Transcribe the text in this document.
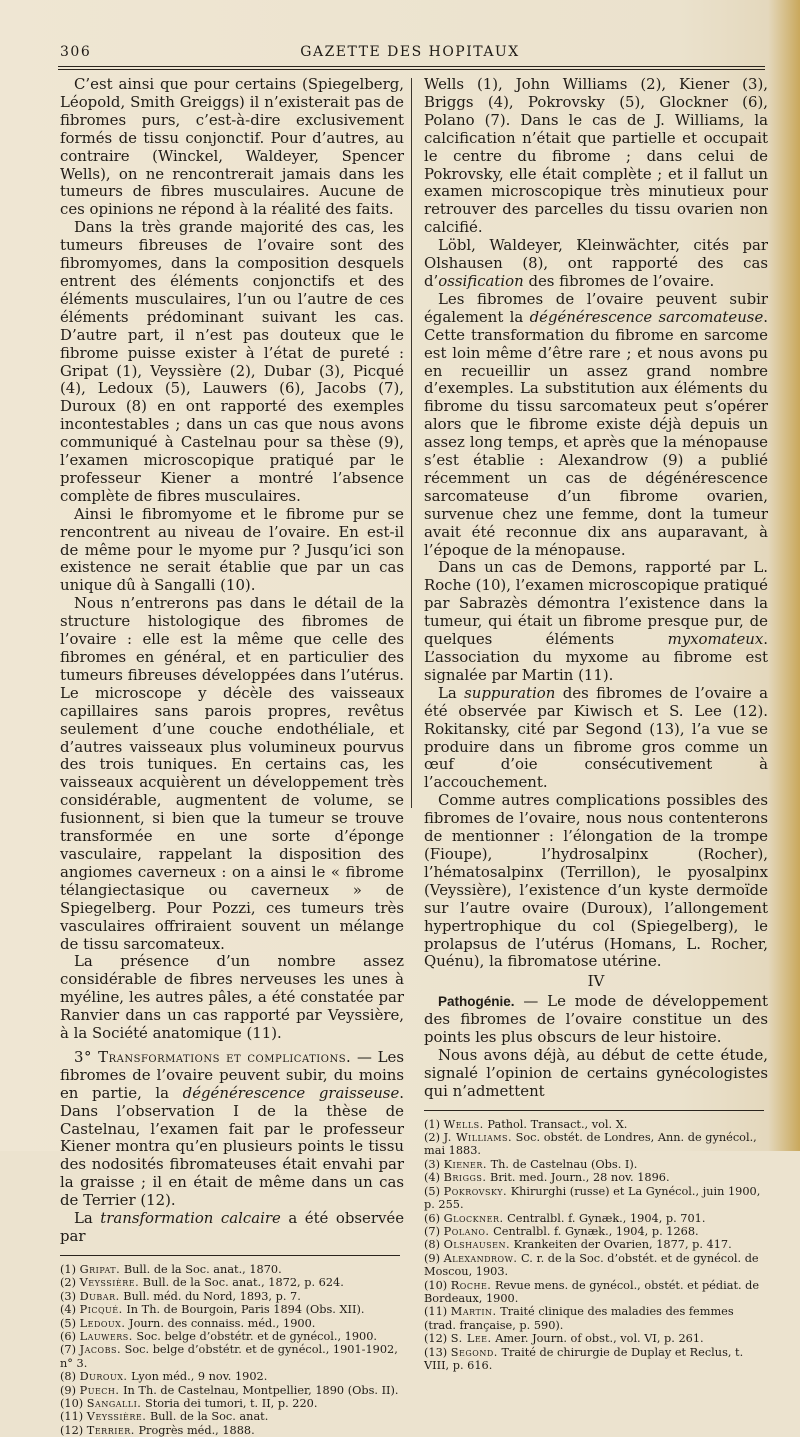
306	GAZETTE DES HOPITAUX

C’est ainsi que pour certains (Spiegelberg, Léopold, Smith Greiggs) il n’existerait pas de fibromes purs, c’est-à-dire exclusivement formés de tissu conjonctif. Pour d’autres, au contraire (Winckel, Waldeyer, Spencer Wells), on ne rencontrerait jamais dans les tumeurs de fibres musculaires. Aucune de ces opinions ne répond à la réalité des faits.

Dans la très grande majorité des cas, les tumeurs fibreuses de l’ovaire sont des fibromyomes, dans la composition desquels entrent des éléments conjonctifs et des éléments musculaires, l’un ou l’autre de ces éléments prédominant suivant les cas. D’autre part, il n’est pas douteux que le fibrome puisse exister à l’état de pureté : Gripat (1), Veyssière (2), Dubar (3), Picqué (4), Ledoux (5), Lauwers (6), Jacobs (7), Duroux (8) en ont rapporté des exemples incontestables ; dans un cas que nous avons communiqué à Castelnau pour sa thèse (9), l’examen microscopique pratiqué par le professeur Kiener a montré l’absence complète de fibres musculaires.

Ainsi le fibromyome et le fibrome pur se rencontrent au niveau de l’ovaire. En est-il de même pour le myome pur ? Jusqu’ici son existence ne serait établie que par un cas unique dû à Sangalli (10).

Nous n’entrerons pas dans le détail de la structure histologique des fibromes de l’ovaire : elle est la même que celle des fibromes en général, et en particulier des tumeurs fibreuses développées dans l’utérus. Le microscope y décèle des vaisseaux capillaires sans parois propres, revêtus seulement d’une couche endothéliale, et d’autres vaisseaux plus volumineux pourvus des trois tuniques. En certains cas, les vaisseaux acquièrent un développement très considérable, augmentent de volume, se fusionnent, si bien que la tumeur se trouve transformée en une sorte d’éponge vasculaire, rappelant la disposition des angiomes caverneux : on a ainsi le « fibrome télangiectasique ou caverneux » de Spiegelberg. Pour Pozzi, ces tumeurs très vasculaires offriraient souvent un mélange de tissu sarcomateux.

La présence d’un nombre assez considérable de fibres nerveuses les unes à myéline, les autres pâles, a été constatée par Ranvier dans un cas rapporté par Veyssière, à la Société anatomique (11).

3° Transformations et complications. — Les fibromes de l’ovaire peuvent subir, du moins en partie, la dégénérescence graisseuse. Dans l’observation I de la thèse de Castelnau, l’examen fait par le professeur Kiener montra qu’en plusieurs points le tissu des nodosités fibromateuses était envahi par la graisse ; il en était de même dans un cas de Terrier (12).

La transformation calcaire a été observée par

(1) Gripat. Bull. de la Soc. anat., 1870.
(2) Veyssière. Bull. de la Soc. anat., 1872, p. 624.
(3) Dubar. Bull. méd. du Nord, 1893, p. 7.
(4) Picqué. In Th. de Bourgoin, Paris 1894 (Obs. XII).
(5) Ledoux. Journ. des connaiss. méd., 1900.
(6) Lauwers. Soc. belge d’obstétr. et de gynécol., 1900.
(7) Jacobs. Soc. belge d’obstétr. et de gynécol., 1901-1902, n° 3.
(8) Duroux. Lyon méd., 9 nov. 1902.
(9) Puech. In Th. de Castelnau, Montpellier, 1890 (Obs. II).
(10) Sangalli. Storia dei tumori, t. II, p. 220.
(11) Veyssière. Bull. de la Soc. anat.
(12) Terrier. Progrès méd., 1888.

Wells (1), John Williams (2), Kiener (3), Briggs (4), Pokrovsky (5), Glockner (6), Polano (7). Dans le cas de J. Williams, la calcification n’était que partielle et occupait le centre du fibrome ; dans celui de Pokrovsky, elle était complète ; et il fallut un examen microscopique très minutieux pour retrouver des parcelles du tissu ovarien non calcifié.

Löbl, Waldeyer, Kleinwächter, cités par Olshausen (8), ont rapporté des cas d’ossification des fibromes de l’ovaire.

Les fibromes de l’ovaire peuvent subir également la dégénérescence sarcomateuse. Cette transformation du fibrome en sarcome est loin même d’être rare ; et nous avons pu en recueillir un assez grand nombre d’exemples. La substitution aux éléments du fibrome du tissu sarcomateux peut s’opérer alors que le fibrome existe déjà depuis un assez long temps, et après que la ménopause s’est établie : Alexandrow (9) a publié récemment un cas de dégénérescence sarcomateuse d’un fibrome ovarien, survenue chez une femme, dont la tumeur avait été reconnue dix ans auparavant, à l’époque de la ménopause.

Dans un cas de Demons, rapporté par L. Roche (10), l’examen microscopique pratiqué par Sabrazès démontra l’existence dans la tumeur, qui était un fibrome presque pur, de quelques éléments myxomateux. L’association du myxome au fibrome est signalée par Martin (11).

La suppuration des fibromes de l’ovaire a été observée par Kiwisch et S. Lee (12). Rokitansky, cité par Segond (13), l’a vue se produire dans un fibrome gros comme un œuf d’oie consécutivement à l’accouchement.

Comme autres complications possibles des fibromes de l’ovaire, nous nous contenterons de mentionner : l’élongation de la trompe (Fioupe), l’hydrosalpinx (Rocher), l’hématosalpinx (Terrillon), le pyosalpinx (Veyssière), l’existence d’un kyste dermoïde sur l’autre ovaire (Duroux), l’allongement hypertrophique du col (Spiegelberg), le prolapsus de l’utérus (Homans, L. Rocher, Quénu), la fibromatose utérine.

IV

Pathogénie. — Le mode de développement des fibromes de l’ovaire constitue un des points les plus obscurs de leur histoire.

Nous avons déjà, au début de cette étude, signalé l’opinion de certains gynécologistes qui n’admettent

(1) Wells. Pathol. Transact., vol. X.
(2) J. Williams. Soc. obstét. de Londres, Ann. de gynécol., mai 1883.
(3) Kiener. Th. de Castelnau (Obs. I).
(4) Briggs. Brit. med. Journ., 28 nov. 1896.
(5) Pokrovsky. Khirurghi (russe) et La Gynécol., juin 1900, p. 255.
(6) Glockner. Centralbl. f. Gynæk., 1904, p. 701.
(7) Polano. Centralbl. f. Gynæk., 1904, p. 1268.
(8) Olshausen. Krankeiten der Ovarien, 1877, p. 417.
(9) Alexandrow. C. r. de la Soc. d’obstét. et de gynécol. de Moscou, 1903.
(10) Roche. Revue mens. de gynécol., obstét. et pédiat. de Bordeaux, 1900.
(11) Martin. Traité clinique des maladies des femmes (trad. française, p. 590).
(12) S. Lee. Amer. Journ. of obst., vol. VI, p. 261.
(13) Segond. Traité de chirurgie de Duplay et Reclus, t. VIII, p. 616.
